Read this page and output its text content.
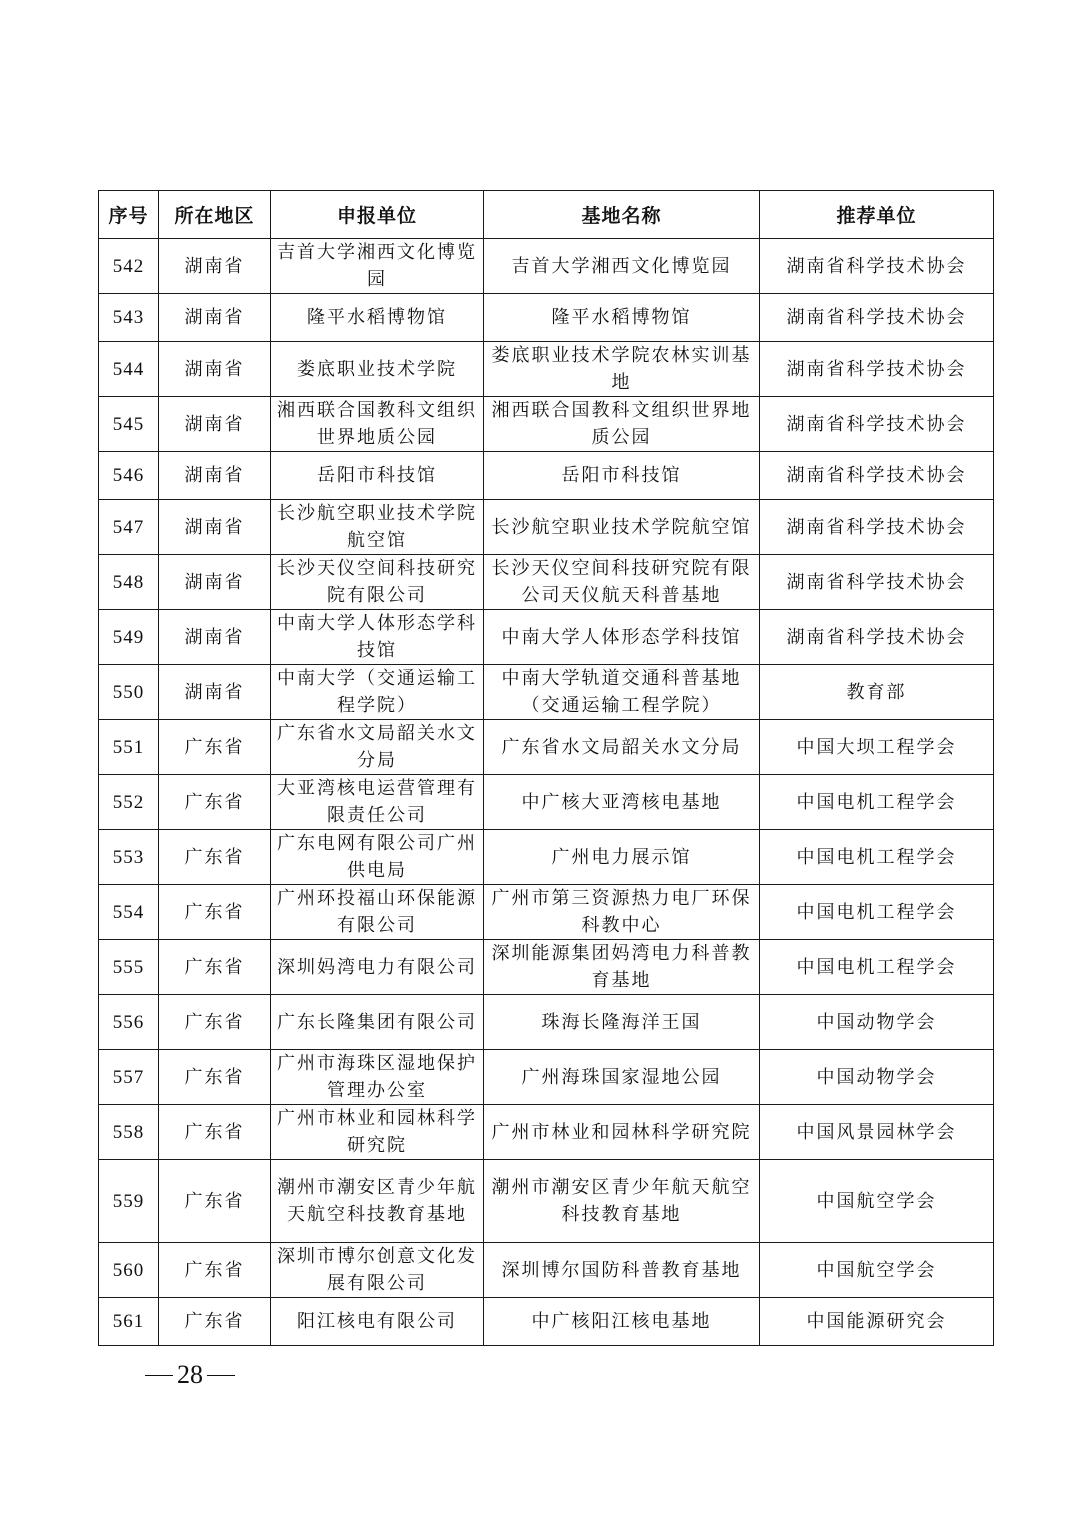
序号	所在地区	申报单位	基地名称	推荐单位
542	湖南省	吉首大学湘西文化博览园	吉首大学湘西文化博览园	湖南省科学技术协会
543	湖南省	隆平水稻博物馆	隆平水稻博物馆	湖南省科学技术协会
544	湖南省	娄底职业技术学院	娄底职业技术学院农林实训基地	湖南省科学技术协会
545	湖南省	湘西联合国教科文组织世界地质公园	湘西联合国教科文组织世界地质公园	湖南省科学技术协会
546	湖南省	岳阳市科技馆	岳阳市科技馆	湖南省科学技术协会
547	湖南省	长沙航空职业技术学院航空馆	长沙航空职业技术学院航空馆	湖南省科学技术协会
548	湖南省	长沙天仪空间科技研究院有限公司	长沙天仪空间科技研究院有限公司天仪航天科普基地	湖南省科学技术协会
549	湖南省	中南大学人体形态学科技馆	中南大学人体形态学科技馆	湖南省科学技术协会
550	湖南省	中南大学（交通运输工程学院）	中南大学轨道交通科普基地（交通运输工程学院）	教育部
551	广东省	广东省水文局韶关水文分局	广东省水文局韶关水文分局	中国大坝工程学会
552	广东省	大亚湾核电运营管理有限责任公司	中广核大亚湾核电基地	中国电机工程学会
553	广东省	广东电网有限公司广州供电局	广州电力展示馆	中国电机工程学会
554	广东省	广州环投福山环保能源有限公司	广州市第三资源热力电厂环保科教中心	中国电机工程学会
555	广东省	深圳妈湾电力有限公司	深圳能源集团妈湾电力科普教育基地	中国电机工程学会
556	广东省	广东长隆集团有限公司	珠海长隆海洋王国	中国动物学会
557	广东省	广州市海珠区湿地保护管理办公室	广州海珠国家湿地公园	中国动物学会
558	广东省	广州市林业和园林科学研究院	广州市林业和园林科学研究院	中国风景园林学会
559	广东省	潮州市潮安区青少年航天航空科技教育基地	潮州市潮安区青少年航天航空科技教育基地	中国航空学会
560	广东省	深圳市博尔创意文化发展有限公司	深圳博尔国防科普教育基地	中国航空学会
561	广东省	阳江核电有限公司	中广核阳江核电基地	中国能源研究会
28
